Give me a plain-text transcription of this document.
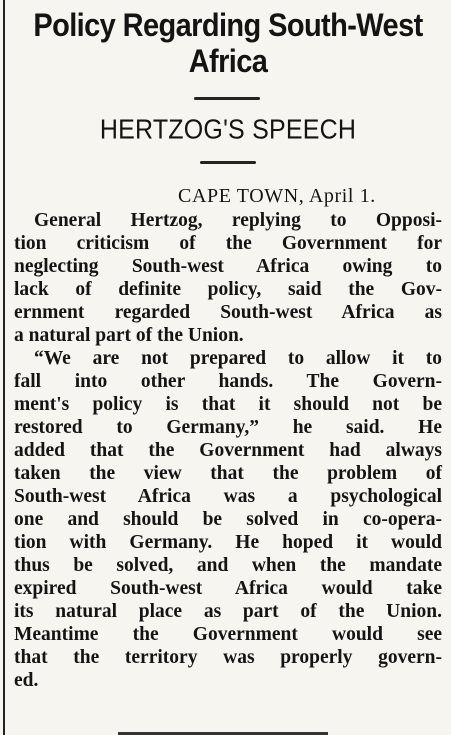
Policy Regarding South-West
Africa
HERTZOG'S SPEECH
CAPE TOWN, April 1.
General Hertzog, replying to Opposi-
tion criticism of the Government for
neglecting South-west Africa owing to
lack of definite policy, said the Gov-
ernment regarded South-west Africa as
a natural part of the Union.
“We are not prepared to allow it to
fall into other hands. The Govern-
ment's policy is that it should not be
restored to Germany,” he said. He
added that the Government had always
taken the view that the problem of
South-west Africa was a psychological
one and should be solved in co-opera-
tion with Germany. He hoped it would
thus be solved, and when the mandate
expired South-west Africa would take
its natural place as part of the Union.
Meantime the Government would see
that the territory was properly govern-
ed.
